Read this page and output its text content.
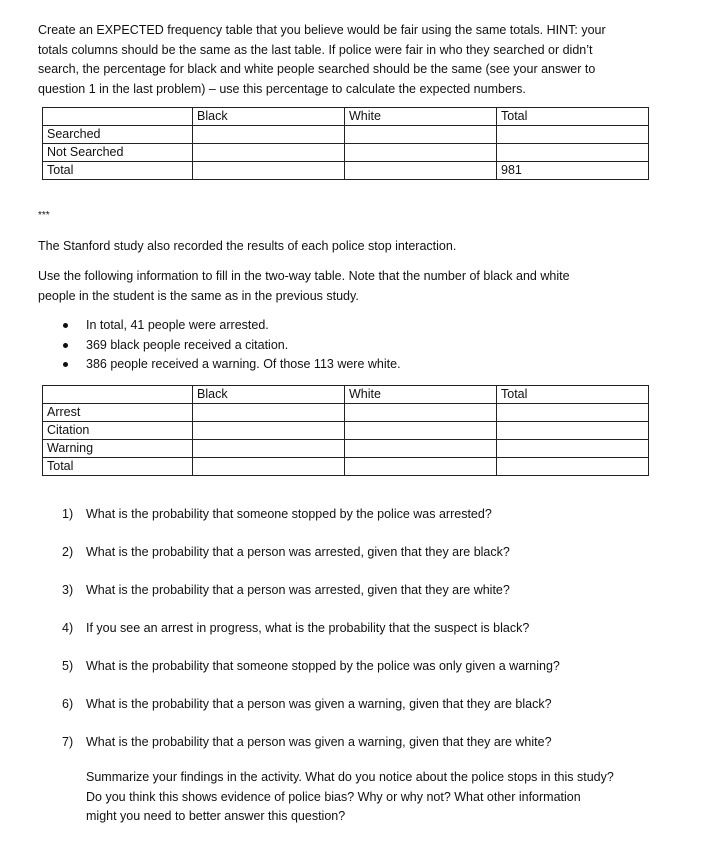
Create an EXPECTED frequency table that you believe would be fair using the same totals. HINT: your

totals columns should be the same as the last table. If police were fair in who they searched or didn’t

search, the percentage for black and white people searched should be the same (see your answer to

question 1 in the last problem) – use this percentage to calculate the expected numbers.

	Black	White	Total
Searched			
Not Searched			
Total			981
***

The Stanford study also recorded the results of each police stop interaction.

Use the following information to fill in the two-way table. Note that the number of black and white

people in the student is the same as in the previous study.

In total, 41 people were arrested.
369 black people received a citation.
386 people received a warning. Of those 113 were white.
	Black	White	Total
Arrest			
Citation			
Warning			
Total			
1) What is the probability that someone stopped by the police was arrested?
2) What is the probability that a person was arrested, given that they are black?
3) What is the probability that a person was arrested, given that they are white?
4) If you see an arrest in progress, what is the probability that the suspect is black?
5) What is the probability that someone stopped by the police was only given a warning?
6) What is the probability that a person was given a warning, given that they are black?
7) What is the probability that a person was given a warning, given that they are white?

Summarize your findings in the activity. What do you notice about the police stops in this study?

Do you think this shows evidence of police bias? Why or why not? What other information

might you need to better answer this question?
